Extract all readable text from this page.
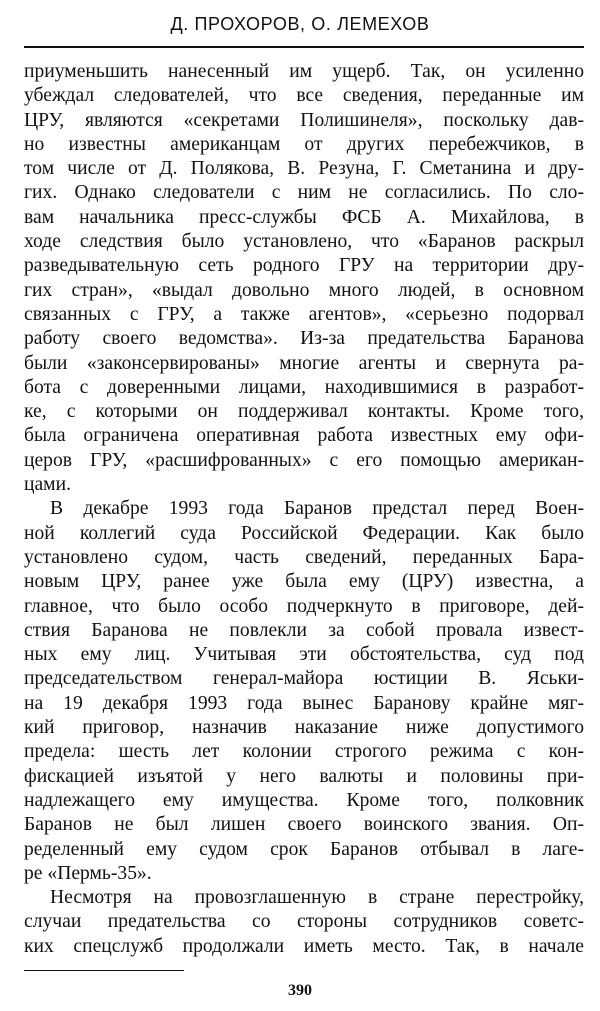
Д. ПРОХОРОВ, О. ЛЕМЕХОВ
приуменьшить нанесенный им ущерб. Так, он усиленно
убеждал следователей, что все сведения, переданные им
ЦРУ, являются «секретами Полишинеля», поскольку дав-
но известны американцам от других перебежчиков, в
том числе от Д. Полякова, В. Резуна, Г. Сметанина и дру-
гих. Однако следователи с ним не согласились. По сло-
вам начальника пресс-службы ФСБ А. Михайлова, в
ходе следствия было установлено, что «Баранов раскрыл
разведывательную сеть родного ГРУ на территории дру-
гих стран», «выдал довольно много людей, в основном
связанных с ГРУ, а также агентов», «серьезно подорвал
работу своего ведомства». Из-за предательства Баранова
были «законсервированы» многие агенты и свернута ра-
бота с доверенными лицами, находившимися в разработ-
ке, с которыми он поддерживал контакты. Кроме того,
была ограничена оперативная работа известных ему офи-
церов ГРУ, «расшифрованных» с его помощью американ-
цами.
В декабре 1993 года Баранов предстал перед Воен-
ной коллегий суда Российской Федерации. Как было
установлено судом, часть сведений, переданных Бара-
новым ЦРУ, ранее уже была ему (ЦРУ) известна, а
главное, что было особо подчеркнуто в приговоре, дей-
ствия Баранова не повлекли за собой провала извест-
ных ему лиц. Учитывая эти обстоятельства, суд под
председательством генерал-майора юстиции В. Яськи-
на 19 декабря 1993 года вынес Баранову крайне мяг-
кий приговор, назначив наказание ниже допустимого
предела: шесть лет колонии строгого режима с кон-
фискацией изъятой у него валюты и половины при-
надлежащего ему имущества. Кроме того, полковник
Баранов не был лишен своего воинского звания. Оп-
ределенный ему судом срок Баранов отбывал в лаге-
ре «Пермь-35».
Несмотря на провозглашенную в стране перестройку,
случаи предательства со стороны сотрудников советс-
ких спецслужб продолжали иметь место. Так, в начале
390
